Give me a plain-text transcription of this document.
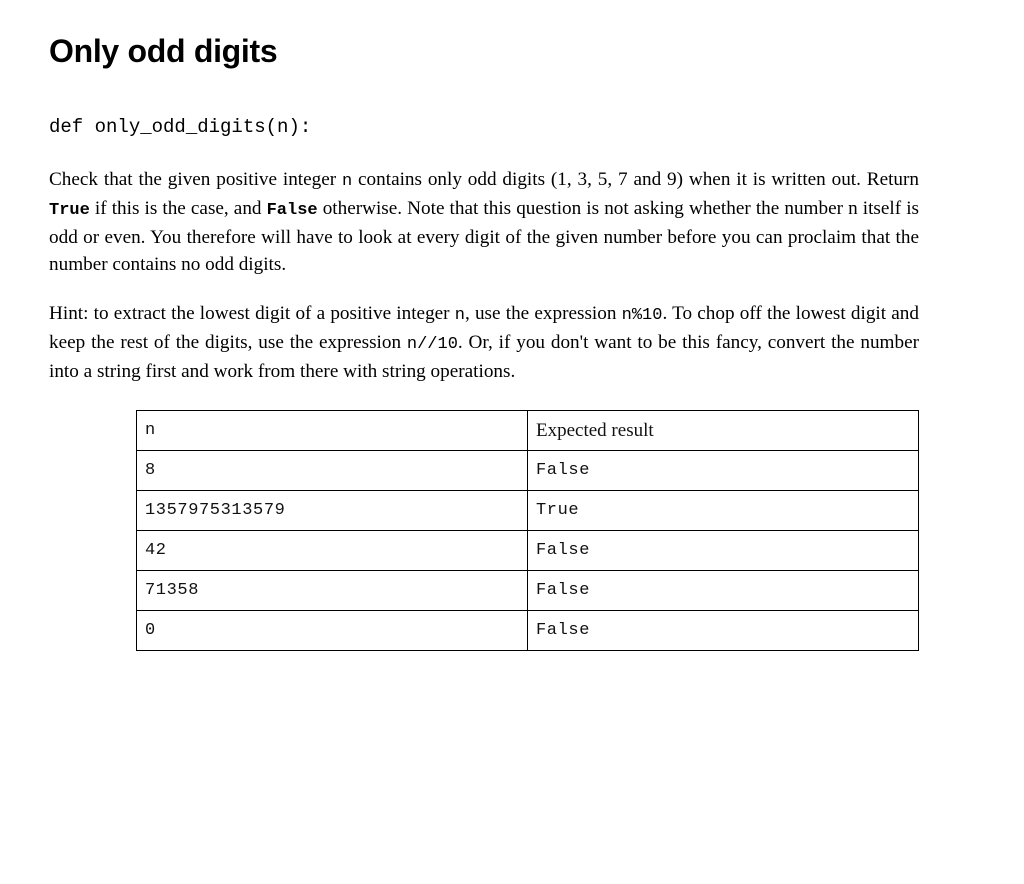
Only odd digits
def only_odd_digits(n):

Check that the given positive integer n contains only odd digits (1, 3, 5, 7 and 9) when it is written out. Return True if this is the case, and False otherwise. Note that this question is not asking whether the number n itself is odd or even. You therefore will have to look at every digit of the given number before you can proclaim that the number contains no odd digits.

Hint: to extract the lowest digit of a positive integer n, use the expression n%10. To chop off the lowest digit and keep the rest of the digits, use the expression n//10. Or, if you don't want to be this fancy, convert the number into a string first and work from there with string operations.

n	Expected result
8	False
1357975313579	True
42	False
71358	False
0	False
